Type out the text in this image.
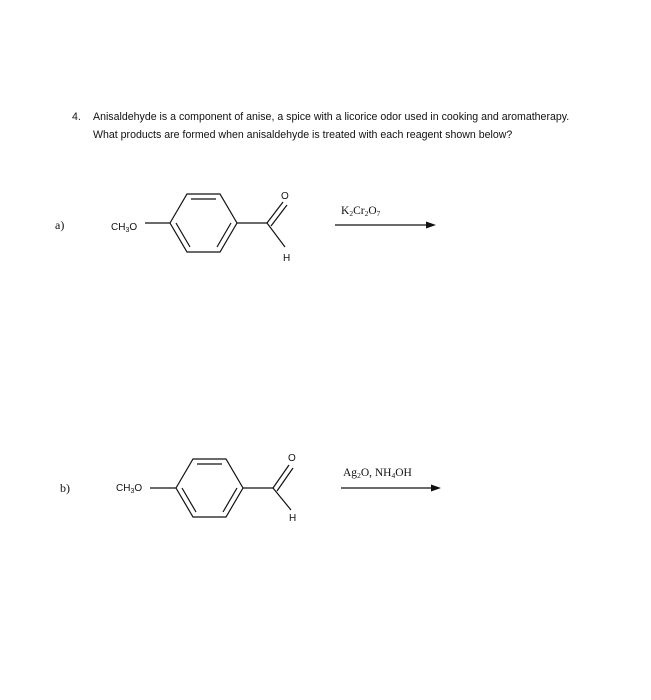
4. Anisaldehyde is a component of anise, a spice with a licorice odor used in cooking and aromatherapy. What products are formed when anisaldehyde is treated with each reagent shown below?
a)	$CH_3O$
O
H
$K_2Cr_2O_7$
b)	$CH_3O$
O
H
$Ag_2O$, $NH_4OH$
